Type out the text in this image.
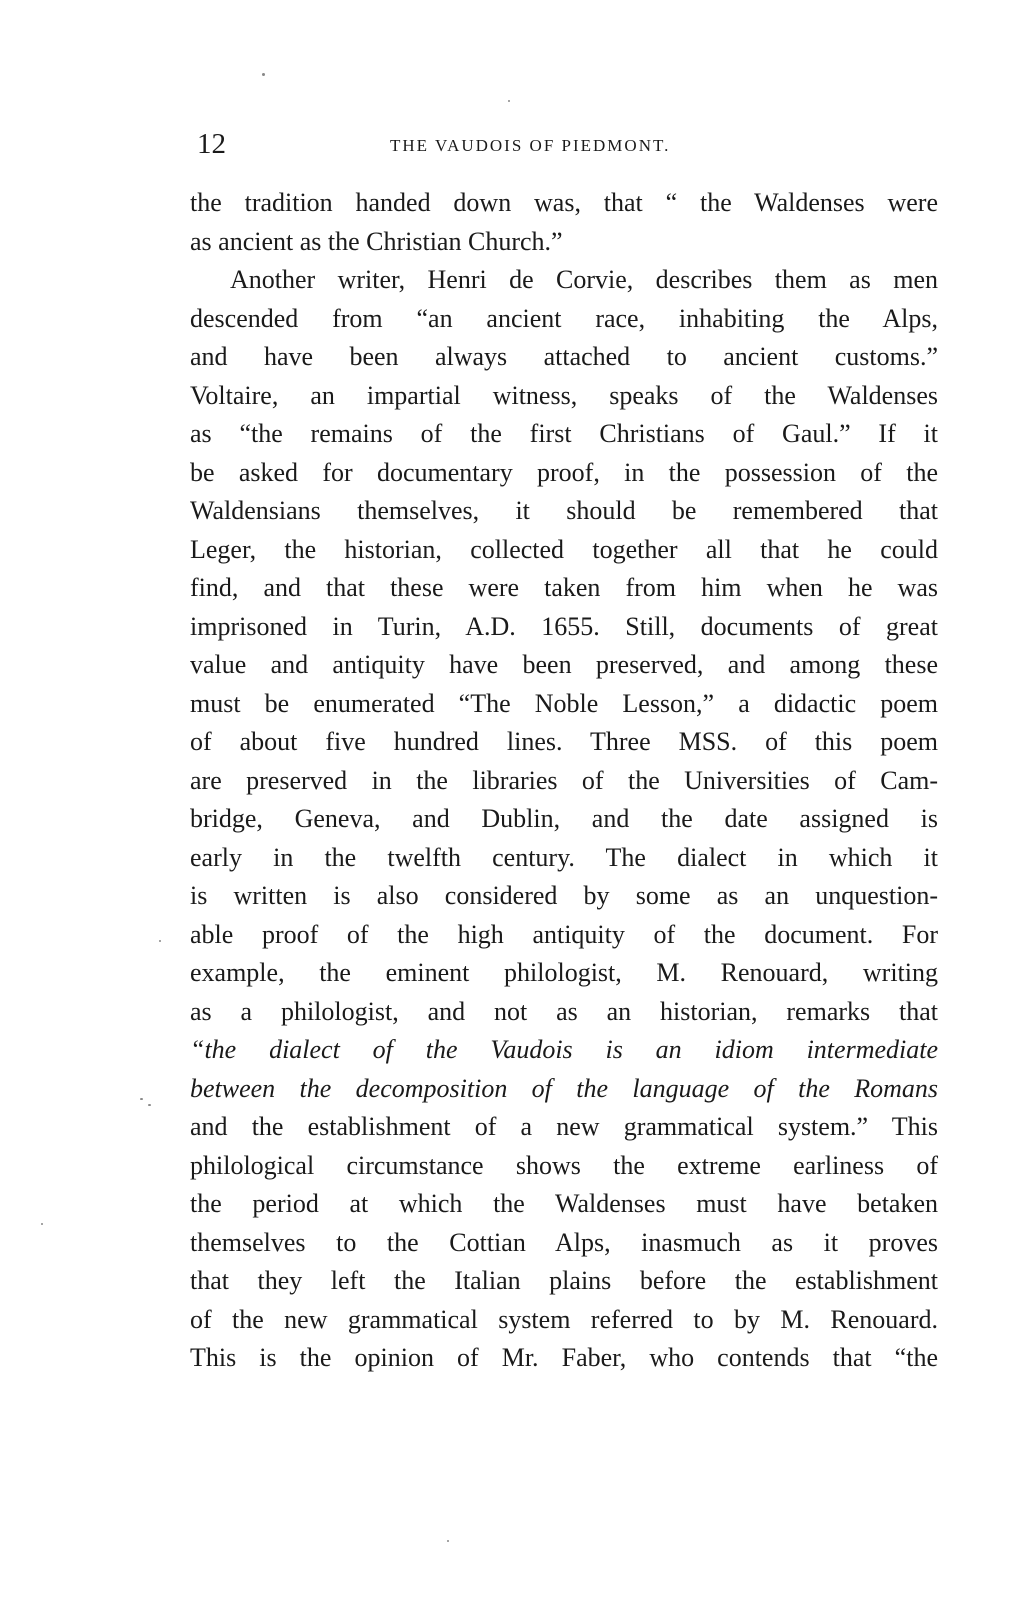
12	THE VAUDOIS OF PIEDMONT.
the tradition handed down was, that “ the Waldenses were
as ancient as the Christian Church.”
Another writer, Henri de Corvie, describes them as men
descended from “an ancient race, inhabiting the Alps,
and have been always attached to ancient customs.”
Voltaire, an impartial witness, speaks of the Waldenses
as “the remains of the first Christians of Gaul.” If it
be asked for documentary proof, in the possession of the
Waldensians themselves, it should be remembered that
Leger, the historian, collected together all that he could
find, and that these were taken from him when he was
imprisoned in Turin, A.D. 1655. Still, documents of great
value and antiquity have been preserved, and among these
must be enumerated “The Noble Lesson,” a didactic poem
of about five hundred lines. Three MSS. of this poem
are preserved in the libraries of the Universities of Cam-
bridge, Geneva, and Dublin, and the date assigned is
early in the twelfth century. The dialect in which it
is written is also considered by some as an unquestion-
able proof of the high antiquity of the document. For
example, the eminent philologist, M. Renouard, writing
as a philologist, and not as an historian, remarks that
“the dialect of the Vaudois is an idiom intermediate
between the decomposition of the language of the Romans
and the establishment of a new grammatical system.” This
philological circumstance shows the extreme earliness of
the period at which the Waldenses must have betaken
themselves to the Cottian Alps, inasmuch as it proves
that they left the Italian plains before the establishment
of the new grammatical system referred to by M. Renouard.
This is the opinion of Mr. Faber, who contends that “the
